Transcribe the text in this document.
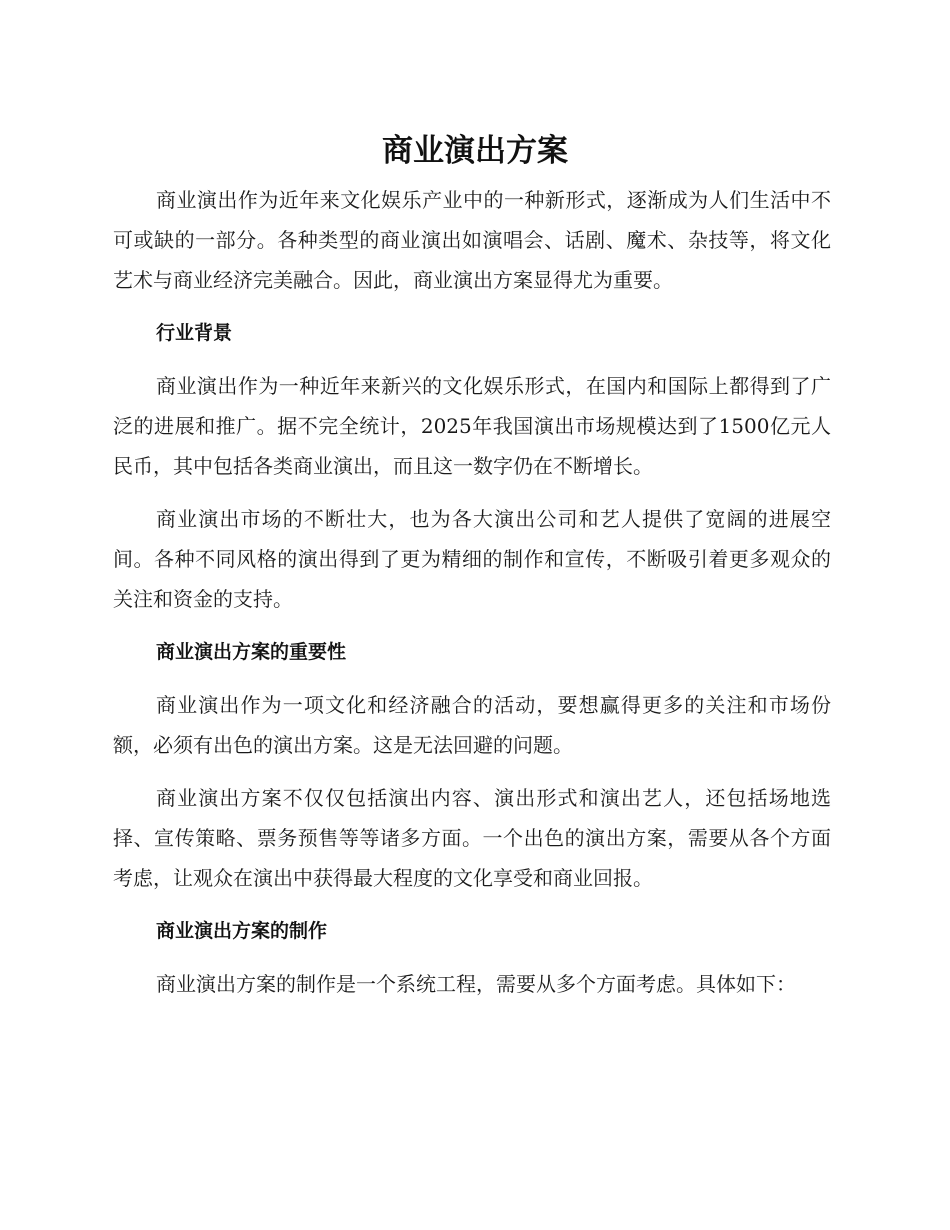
商业演出方案

商业演出作为近年来文化娱乐产业中的一种新形式，逐渐成为人们生活中不可或缺的一部分。各种类型的商业演出如演唱会、话剧、魔术、杂技等，将文化艺术与商业经济完美融合。因此，商业演出方案显得尤为重要。

行业背景

商业演出作为一种近年来新兴的文化娱乐形式，在国内和国际上都得到了广泛的进展和推广。据不完全统计，2025年我国演出市场规模达到了1500亿元人民币，其中包括各类商业演出，而且这一数字仍在不断增长。

商业演出市场的不断壮大，也为各大演出公司和艺人提供了宽阔的进展空间。各种不同风格的演出得到了更为精细的制作和宣传，不断吸引着更多观众的关注和资金的支持。

商业演出方案的重要性

商业演出作为一项文化和经济融合的活动，要想赢得更多的关注和市场份额，必须有出色的演出方案。这是无法回避的问题。

商业演出方案不仅仅包括演出内容、演出形式和演出艺人，还包括场地选择、宣传策略、票务预售等等诸多方面。一个出色的演出方案，需要从各个方面考虑，让观众在演出中获得最大程度的文化享受和商业回报。

商业演出方案的制作

商业演出方案的制作是一个系统工程，需要从多个方面考虑。具体如下：
